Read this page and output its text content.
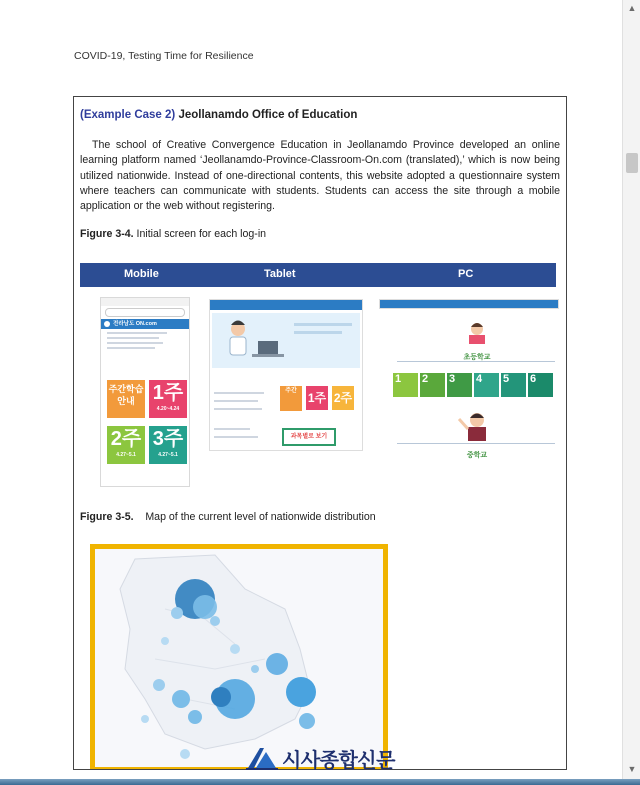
COVID-19, Testing Time for Resilience
(Example Case 2) Jeollanamdo Office of Education
The school of Creative Convergence Education in Jeollanamdo Province developed an online learning platform named ‘Jeollanamdo-Province-Classroom-On.com (translated),’ which is now being utilized nationwide. Instead of one-directional contents, this website adopted a questionnaire system where teachers can communicate with students. Students can access the site through a mobile application or the web without registering.
Figure 3-4. Initial screen for each log-in
Mobile	Tablet	PC
전라남도 ON.com
주간학습안내 1주
4.20~4.24
2주
4.27~5.1
3주
4.27~5.1
주간 1주 2주
과목별로 보기
초등학교
1	2	3	4	5	6
중학교
Figure 3-5. Map of the current level of nationwide distribution
▲
▼
시사종합신문
